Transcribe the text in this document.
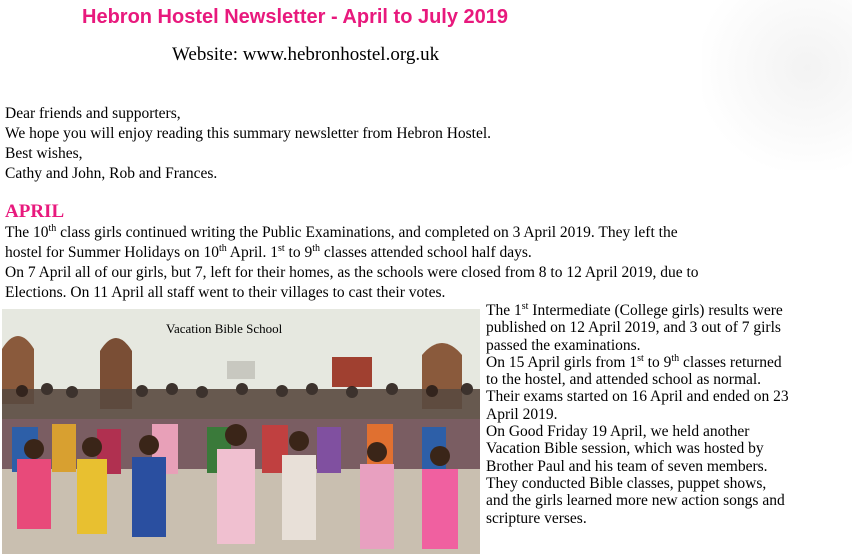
Hebron Hostel Newsletter - April to July 2019
Website: www.hebronhostel.org.uk
Dear friends and supporters,
We hope you will enjoy reading this summary newsletter from Hebron Hostel.
Best wishes,
Cathy and John, Rob and Frances.
APRIL
The 10th class girls continued writing the Public Examinations, and completed on 3 April 2019. They left the
hostel for Summer Holidays on 10th April. 1st to 9th classes attended school half days.
On 7 April all of our girls, but 7, left for their homes, as the schools were closed from 8 to 12 April 2019, due to
Elections. On 11 April all staff went to their villages to cast their votes.
Vacation Bible School
The 1st Intermediate (College girls) results were
published on 12 April 2019, and 3 out of 7 girls
passed the examinations.
On 15 April girls from 1st to 9th classes returned
to the hostel, and attended school as normal.
Their exams started on 16 April and ended on 23
April 2019.
On Good Friday 19 April, we held another
Vacation Bible session, which was hosted by
Brother Paul and his team of seven members.
They conducted Bible classes, puppet shows,
and the girls learned more new action songs and
scripture verses.
